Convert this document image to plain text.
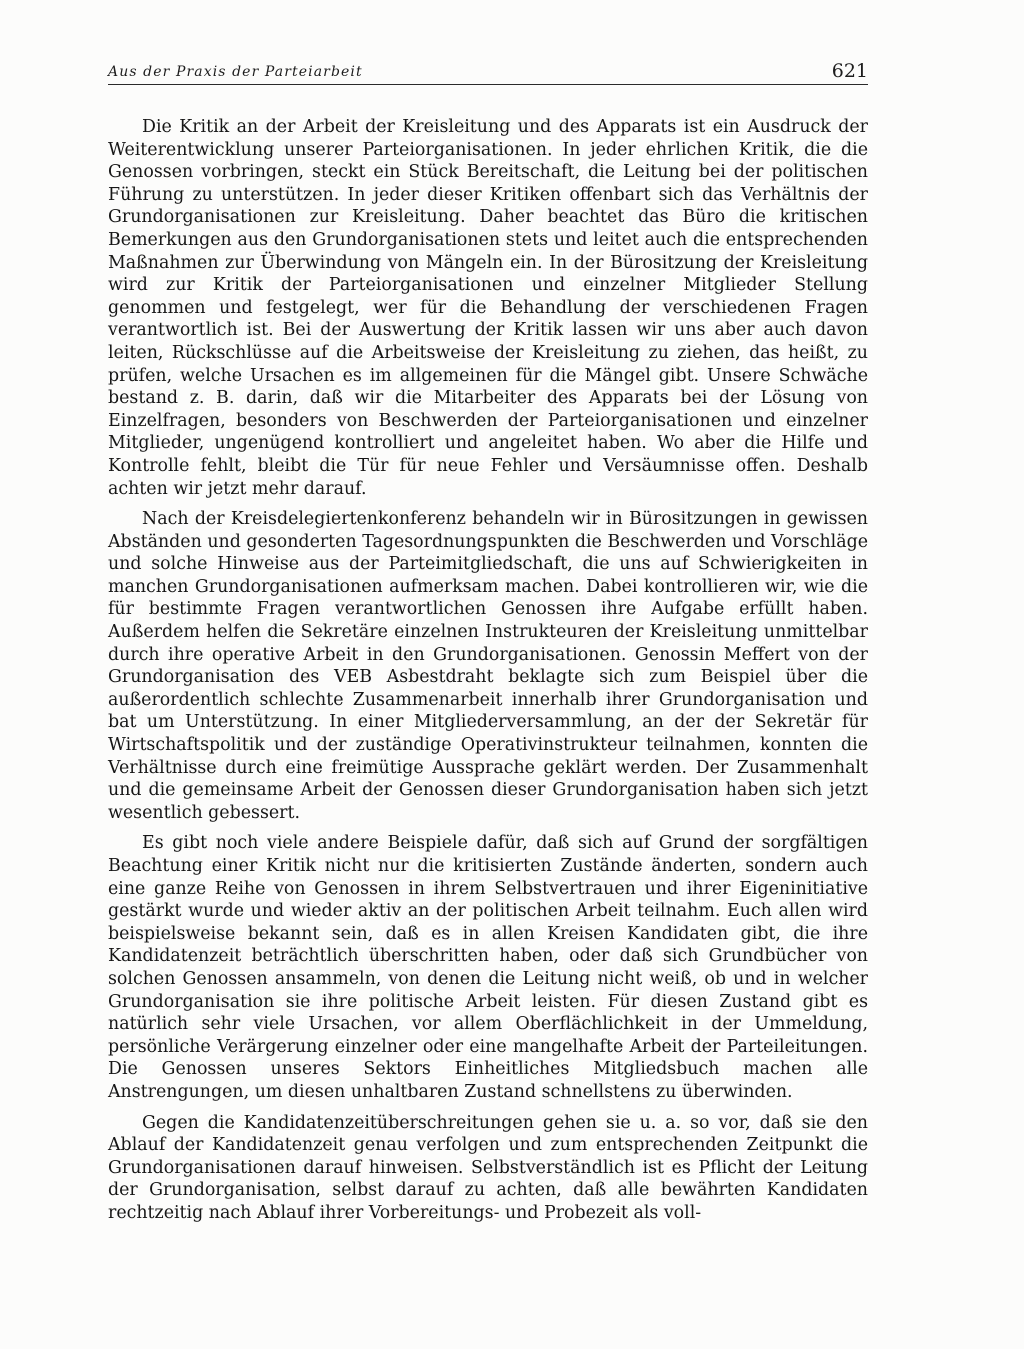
Aus der Praxis der Parteiarbeit	621

Die Kritik an der Arbeit der Kreisleitung und des Apparats ist ein Ausdruck der Weiterentwicklung unserer Parteiorganisationen. In jeder ehrlichen Kritik, die die Genossen vorbringen, steckt ein Stück Bereitschaft, die Leitung bei der politischen Führung zu unterstützen. In jeder dieser Kritiken offenbart sich das Verhältnis der Grundorganisationen zur Kreisleitung. Daher beachtet das Büro die kritischen Bemerkungen aus den Grundorganisationen stets und leitet auch die entsprechenden Maßnahmen zur Überwindung von Mängeln ein. In der Bürositzung der Kreisleitung wird zur Kritik der Parteiorganisationen und einzelner Mitglieder Stellung genommen und festgelegt, wer für die Behandlung der verschiedenen Fragen verantwortlich ist. Bei der Auswertung der Kritik lassen wir uns aber auch davon leiten, Rückschlüsse auf die Arbeitsweise der Kreisleitung zu ziehen, das heißt, zu prüfen, welche Ursachen es im allgemeinen für die Mängel gibt. Unsere Schwäche bestand z. B. darin, daß wir die Mitarbeiter des Apparats bei der Lösung von Einzelfragen, besonders von Beschwerden der Parteiorganisationen und einzelner Mitglieder, ungenügend kontrolliert und angeleitet haben. Wo aber die Hilfe und Kontrolle fehlt, bleibt die Tür für neue Fehler und Versäumnisse offen. Deshalb achten wir jetzt mehr darauf.

Nach der Kreisdelegiertenkonferenz behandeln wir in Bürositzungen in gewissen Abständen und gesonderten Tagesordnungspunkten die Beschwerden und Vorschläge und solche Hinweise aus der Parteimitgliedschaft, die uns auf Schwierigkeiten in manchen Grundorganisationen aufmerksam machen. Dabei kontrollieren wir, wie die für bestimmte Fragen verantwortlichen Genossen ihre Aufgabe erfüllt haben. Außerdem helfen die Sekretäre einzelnen Instrukteuren der Kreisleitung unmittelbar durch ihre operative Arbeit in den Grundorganisationen. Genossin Meffert von der Grundorganisation des VEB Asbestdraht beklagte sich zum Beispiel über die außerordentlich schlechte Zusammenarbeit innerhalb ihrer Grundorganisation und bat um Unterstützung. In einer Mitgliederversammlung, an der der Sekretär für Wirtschaftspolitik und der zuständige Operativinstrukteur teilnahmen, konnten die Verhältnisse durch eine freimütige Aussprache geklärt werden. Der Zusammenhalt und die gemeinsame Arbeit der Genossen dieser Grundorganisation haben sich jetzt wesentlich gebessert.

Es gibt noch viele andere Beispiele dafür, daß sich auf Grund der sorgfältigen Beachtung einer Kritik nicht nur die kritisierten Zustände änderten, sondern auch eine ganze Reihe von Genossen in ihrem Selbstvertrauen und ihrer Eigeninitiative gestärkt wurde und wieder aktiv an der politischen Arbeit teilnahm. Euch allen wird beispielsweise bekannt sein, daß es in allen Kreisen Kandidaten gibt, die ihre Kandidatenzeit beträchtlich überschritten haben, oder daß sich Grundbücher von solchen Genossen ansammeln, von denen die Leitung nicht weiß, ob und in welcher Grundorganisation sie ihre politische Arbeit leisten. Für diesen Zustand gibt es natürlich sehr viele Ursachen, vor allem Oberflächlichkeit in der Ummeldung, persönliche Verärgerung einzelner oder eine mangelhafte Arbeit der Parteileitungen. Die Genossen unseres Sektors Einheitliches Mitgliedsbuch machen alle Anstrengungen, um diesen unhaltbaren Zustand schnellstens zu überwinden.

Gegen die Kandidatenzeitüberschreitungen gehen sie u. a. so vor, daß sie den Ablauf der Kandidatenzeit genau verfolgen und zum entsprechenden Zeitpunkt die Grundorganisationen darauf hinweisen. Selbstverständlich ist es Pflicht der Leitung der Grundorganisation, selbst darauf zu achten, daß alle bewährten Kandidaten rechtzeitig nach Ablauf ihrer Vorbereitungs- und Probezeit als voll-
